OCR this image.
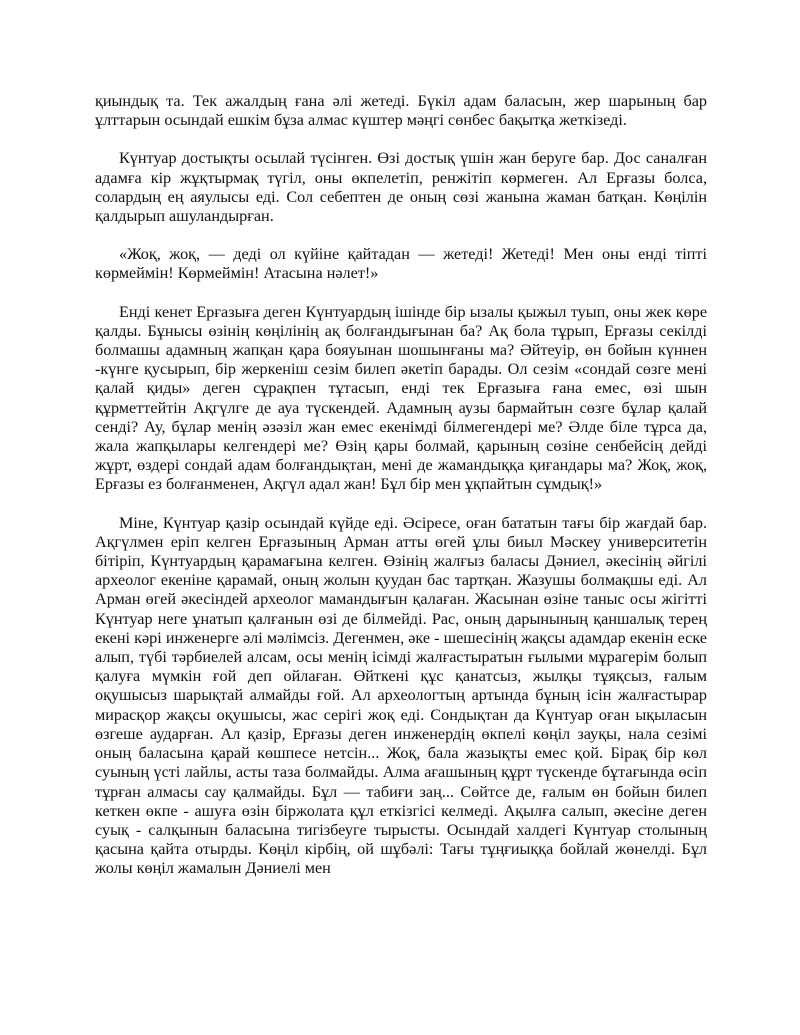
қиындық та. Тек ажалдың ғана әлі жетеді. Бүкіл адам баласын, жер шарының бар ұлттарын осындай ешкім бұза алмас күштер мәңгі сөнбес бақытқа жеткізеді.

Күнтуар достықты осылай түсінген. Өзі достық үшін жан беруге бар. Дос саналған адамға кір жұқтырмақ түгіл, оны өкпелетіп, ренжітіп көрмеген. Ал Ерғазы болса, солардың ең аяулысы еді. Сол себептен де оның сөзі жанына жаман батқан. Көңілін қалдырып ашуландырған.

«Жоқ, жоқ, — деді ол күйіне қайтадан — жетеді! Жетеді! Мен оны енді тіпті көрмеймін! Көрмеймін! Атасына нәлет!»

Енді кенет Ерғазыға деген Күнтуардың ішінде бір ызалы қыжыл туып, оны жек көре қалды. Бұнысы өзінің көңілінің ақ болғандығынан ба? Ақ бола тұрып, Ерғазы секілді болмашы адамның жапқан қара бояуынан шошынғаны ма? Әйтеуір, өн бойын күннен -күнге қусырып, бір жеркеніш сезім билеп әкетіп барады. Ол сезім «сондай сөзге мені қалай қиды» деген сұрақпен тұтасып, енді тек Ерғазыға ғана емес, өзі шын құрметтейтін Ақгүлге де ауа түскендей. Адамның аузы бармайтын сөзге бұлар қалай сенді? Ау, бұлар менің әзәзіл жан емес екенімді білмегендері ме? Әлде біле тұрса да, жала жапқылары келгендері ме? Өзің қары болмай, қарының сөзіне сенбейсің дейді жұрт, өздері сондай адам болғандықтан, мені де жамандыққа қиғандары ма? Жоқ, жоқ, Ерғазы ез болғанменен, Ақгүл адал жан! Бұл бір мен ұқпайтын сұмдық!»

Міне, Күнтуар қазір осындай күйде еді. Әсіресе, оған бататын тағы бір жағдай бар. Ақгүлмен еріп келген Ерғазының Арман атты өгей ұлы биыл Мәскеу университетін бітіріп, Күнтуардың қарамағына келген. Өзінің жалғыз баласы Дәниел, әкесінің әйгілі археолог екеніне қарамай, оның жолын қуудан бас тартқан. Жазушы болмақшы еді. Ал Арман өгей әкесіндей археолог мамандығын қалаған. Жасынан өзіне таныс осы жігітті Күнтуар неге ұнатып қалғанын өзі де білмейді. Рас, оның дарынының қаншалық терең екені кәрі инженерге әлі мәлімсіз. Дегенмен, әке - шешесінің жақсы адамдар екенін еске алып, түбі тәрбиелей алсам, осы менің ісімді жалғастыратын ғылыми мұрагерім болып қалуға мүмкін ғой деп ойлаған. Өйткені құс қанатсыз, жылқы тұяқсыз, ғалым оқушысыз шарықтай алмайды ғой. Ал археологтың артында бұның ісін жалғастырар мирасқор жақсы оқушысы, жас серігі жоқ еді. Сондықтан да Күнтуар оған ықыласын өзгеше аударған. Ал қазір, Ерғазы деген инженердің өкпелі көңіл зауқы, нала сезімі оның баласына қарай көшпесе нетсін... Жоқ, бала жазықты емес қой. Бірақ бір көл суының үсті лайлы, асты таза болмайды. Алма ағашының құрт түскенде бұтағында өсіп тұрған алмасы сау қалмайды. Бұл — табиғи заң... Сөйтсе де, ғалым өн бойын билеп кеткен өкпе - ашуға өзін біржолата құл еткізгісі келмеді. Ақылға салып, әкесіне деген суық - салқынын баласына тигізбеуге тырысты. Осындай халдегі Күнтуар столының қасына қайта отырды. Көңіл кірбің, ой шұбәлі: Тағы тұңғиыққа бойлай жөнелді. Бұл жолы көңіл жамалын Дәниелі мен
